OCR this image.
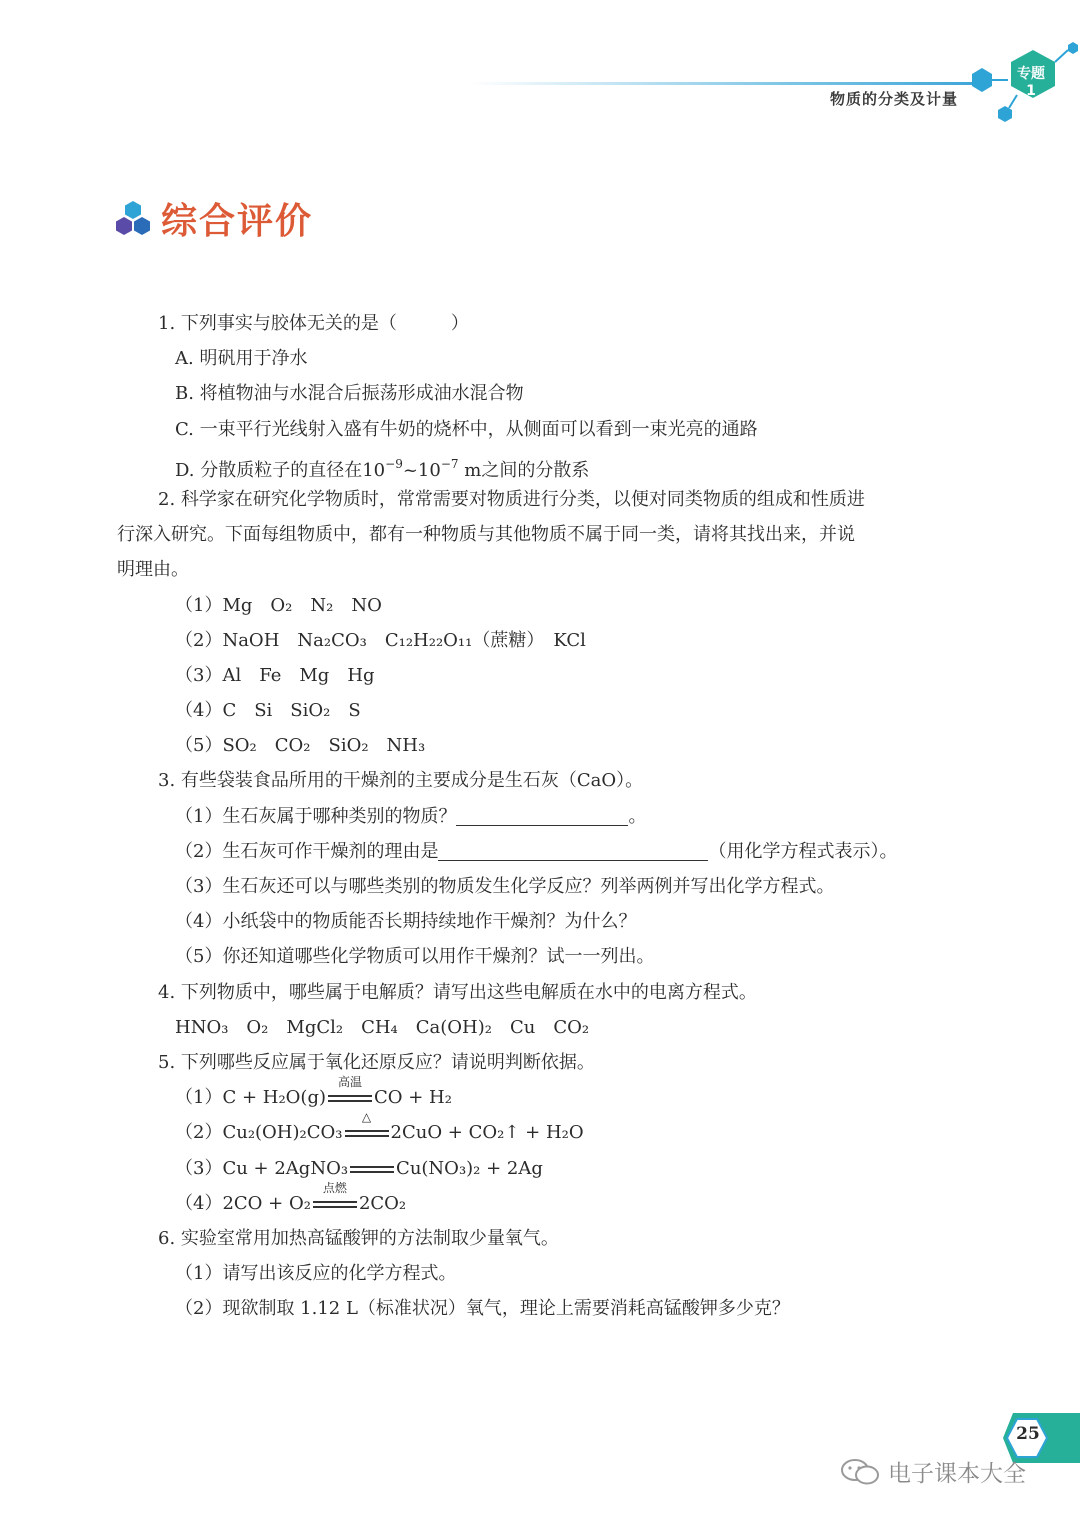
专题
1
物质的分类及计量
综合评价
1. 下列事实与胶体无关的是（　　　）
A. 明矾用于净水
B. 将植物油与水混合后振荡形成油水混合物
C. 一束平行光线射入盛有牛奶的烧杯中，从侧面可以看到一束光亮的通路
D. 分散质粒子的直径在$10^{-9}\sim 10^{-7}$ m之间的分散系
2. 科学家在研究化学物质时，常常需要对物质进行分类，以便对同类物质的组成和性质进
行深入研究。下面每组物质中，都有一种物质与其他物质不属于同一类，请将其找出来，并说
明理由。
（1）Mg　O₂　N₂　NO
（2）NaOH　Na₂CO₃　C₁₂H₂₂O₁₁（蔗糖）　KCl
（3）Al　Fe　Mg　Hg
（4）C　Si　SiO₂　S
（5）SO₂　CO₂　SiO₂　NH₃
3. 有些袋装食品所用的干燥剂的主要成分是生石灰（CaO）。
（1）生石灰属于哪种类别的物质？	。
（2）生石灰可作干燥剂的理由是	（用化学方程式表示）。
（3）生石灰还可以与哪些类别的物质发生化学反应？列举两例并写出化学方程式。
（4）小纸袋中的物质能否长期持续地作干燥剂？为什么？
（5）你还知道哪些化学物质可以用作干燥剂？试一一列出。
4. 下列物质中，哪些属于电解质？请写出这些电解质在水中的电离方程式。
HNO₃　O₂　MgCl₂　CH₄　Ca(OH)₂　Cu　CO₂
5. 下列哪些反应属于氧化还原反应？请说明判断依据。
（1）C + H₂O(g)
高温
CO + H₂
（2）Cu₂(OH)₂CO₃
△
2CuO + CO₂↑ + H₂O
（3）Cu + 2AgNO₃	Cu(NO₃)₂ + 2Ag
（4）2CO + O₂
点燃
2CO₂
6. 实验室常用加热高锰酸钾的方法制取少量氧气。
（1）请写出该反应的化学方程式。
（2）现欲制取 1.12 L（标准状况）氧气，理论上需要消耗高锰酸钾多少克？
25
电子课本大全
